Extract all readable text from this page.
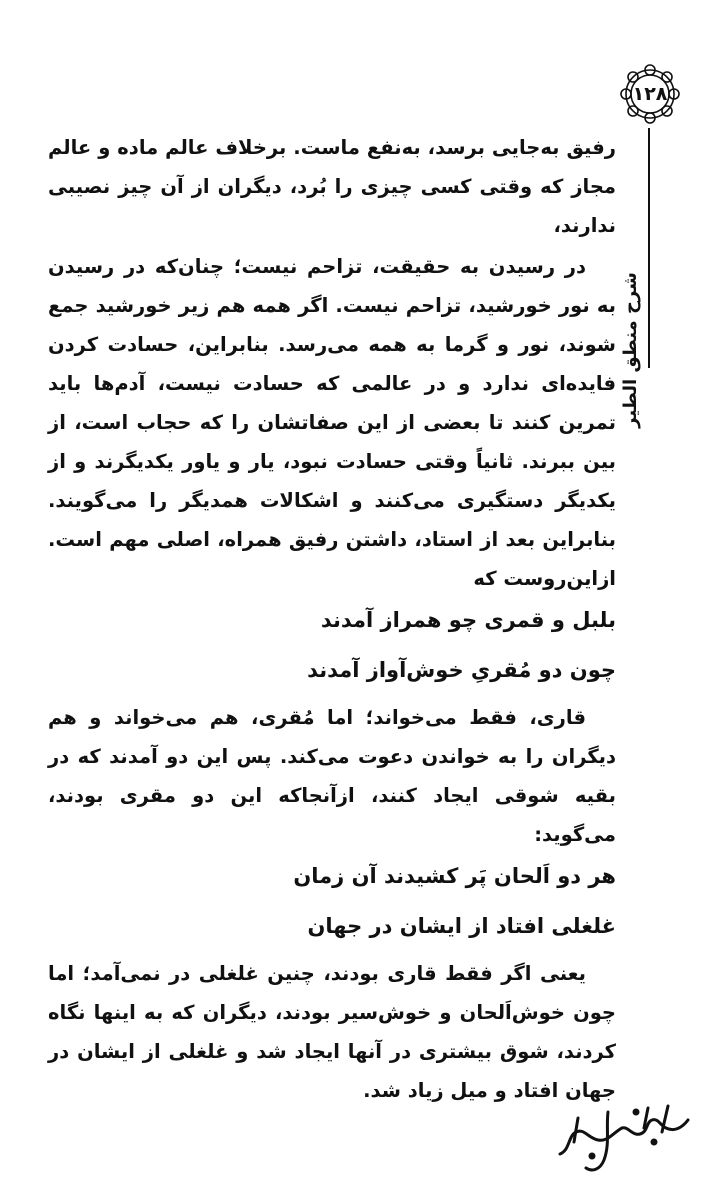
۱۲۸
شرح منطق الطیر

رفیق به‌جایی برسد، به‌نفع ماست. برخلاف عالم ماده و عالم مجاز که وقتی کسی چیزی را بُرد، دیگران از آن چیز نصیبی ندارند،

در رسیدن به حقیقت، تزاحم نیست؛ چنان‌که در رسیدن به نور خورشید، تزاحم نیست. اگر همه هم زیر خورشید جمع شوند، نور و گرما به همه می‌رسد. بنابراین، حسادت کردن فایده‌ای ندارد و در عالمی که حسادت نیست، آدم‌ها باید تمرین کنند تا بعضی از این صفاتشان را که حجاب است، از بین ببرند. ثانیاً وقتی حسادت نبود، یار و یاور یکدیگرند و از یکدیگر دستگیری می‌کنند و اشکالات همدیگر را می‌گویند. بنابراین بعد از استاد، داشتن رفیق همراه، اصلی مهم است. ازاین‌روست که

بلبل و قمری چو همراز آمدند

چون دو مُقریِ خوش‌آواز آمدند

قاری، فقط می‌خواند؛ اما مُقری، هم می‌خواند و هم دیگران را به خواندن دعوت می‌کند. پس این دو آمدند که در بقیه شوقی ایجاد کنند، ازآنجاکه این دو مقری بودند، می‌گوید:

هر دو اَلحان پَر کشیدند آن زمان

غلغلی افتاد از ایشان در جهان

یعنی اگر فقط قاری بودند، چنین غلغلی در نمی‌آمد؛ اما چون خوش‌اَلحان و خوش‌سیر بودند، دیگران که به اینها نگاه کردند، شوق بیشتری در آنها ایجاد شد و غلغلی از ایشان در جهان افتاد و میل زیاد شد.
